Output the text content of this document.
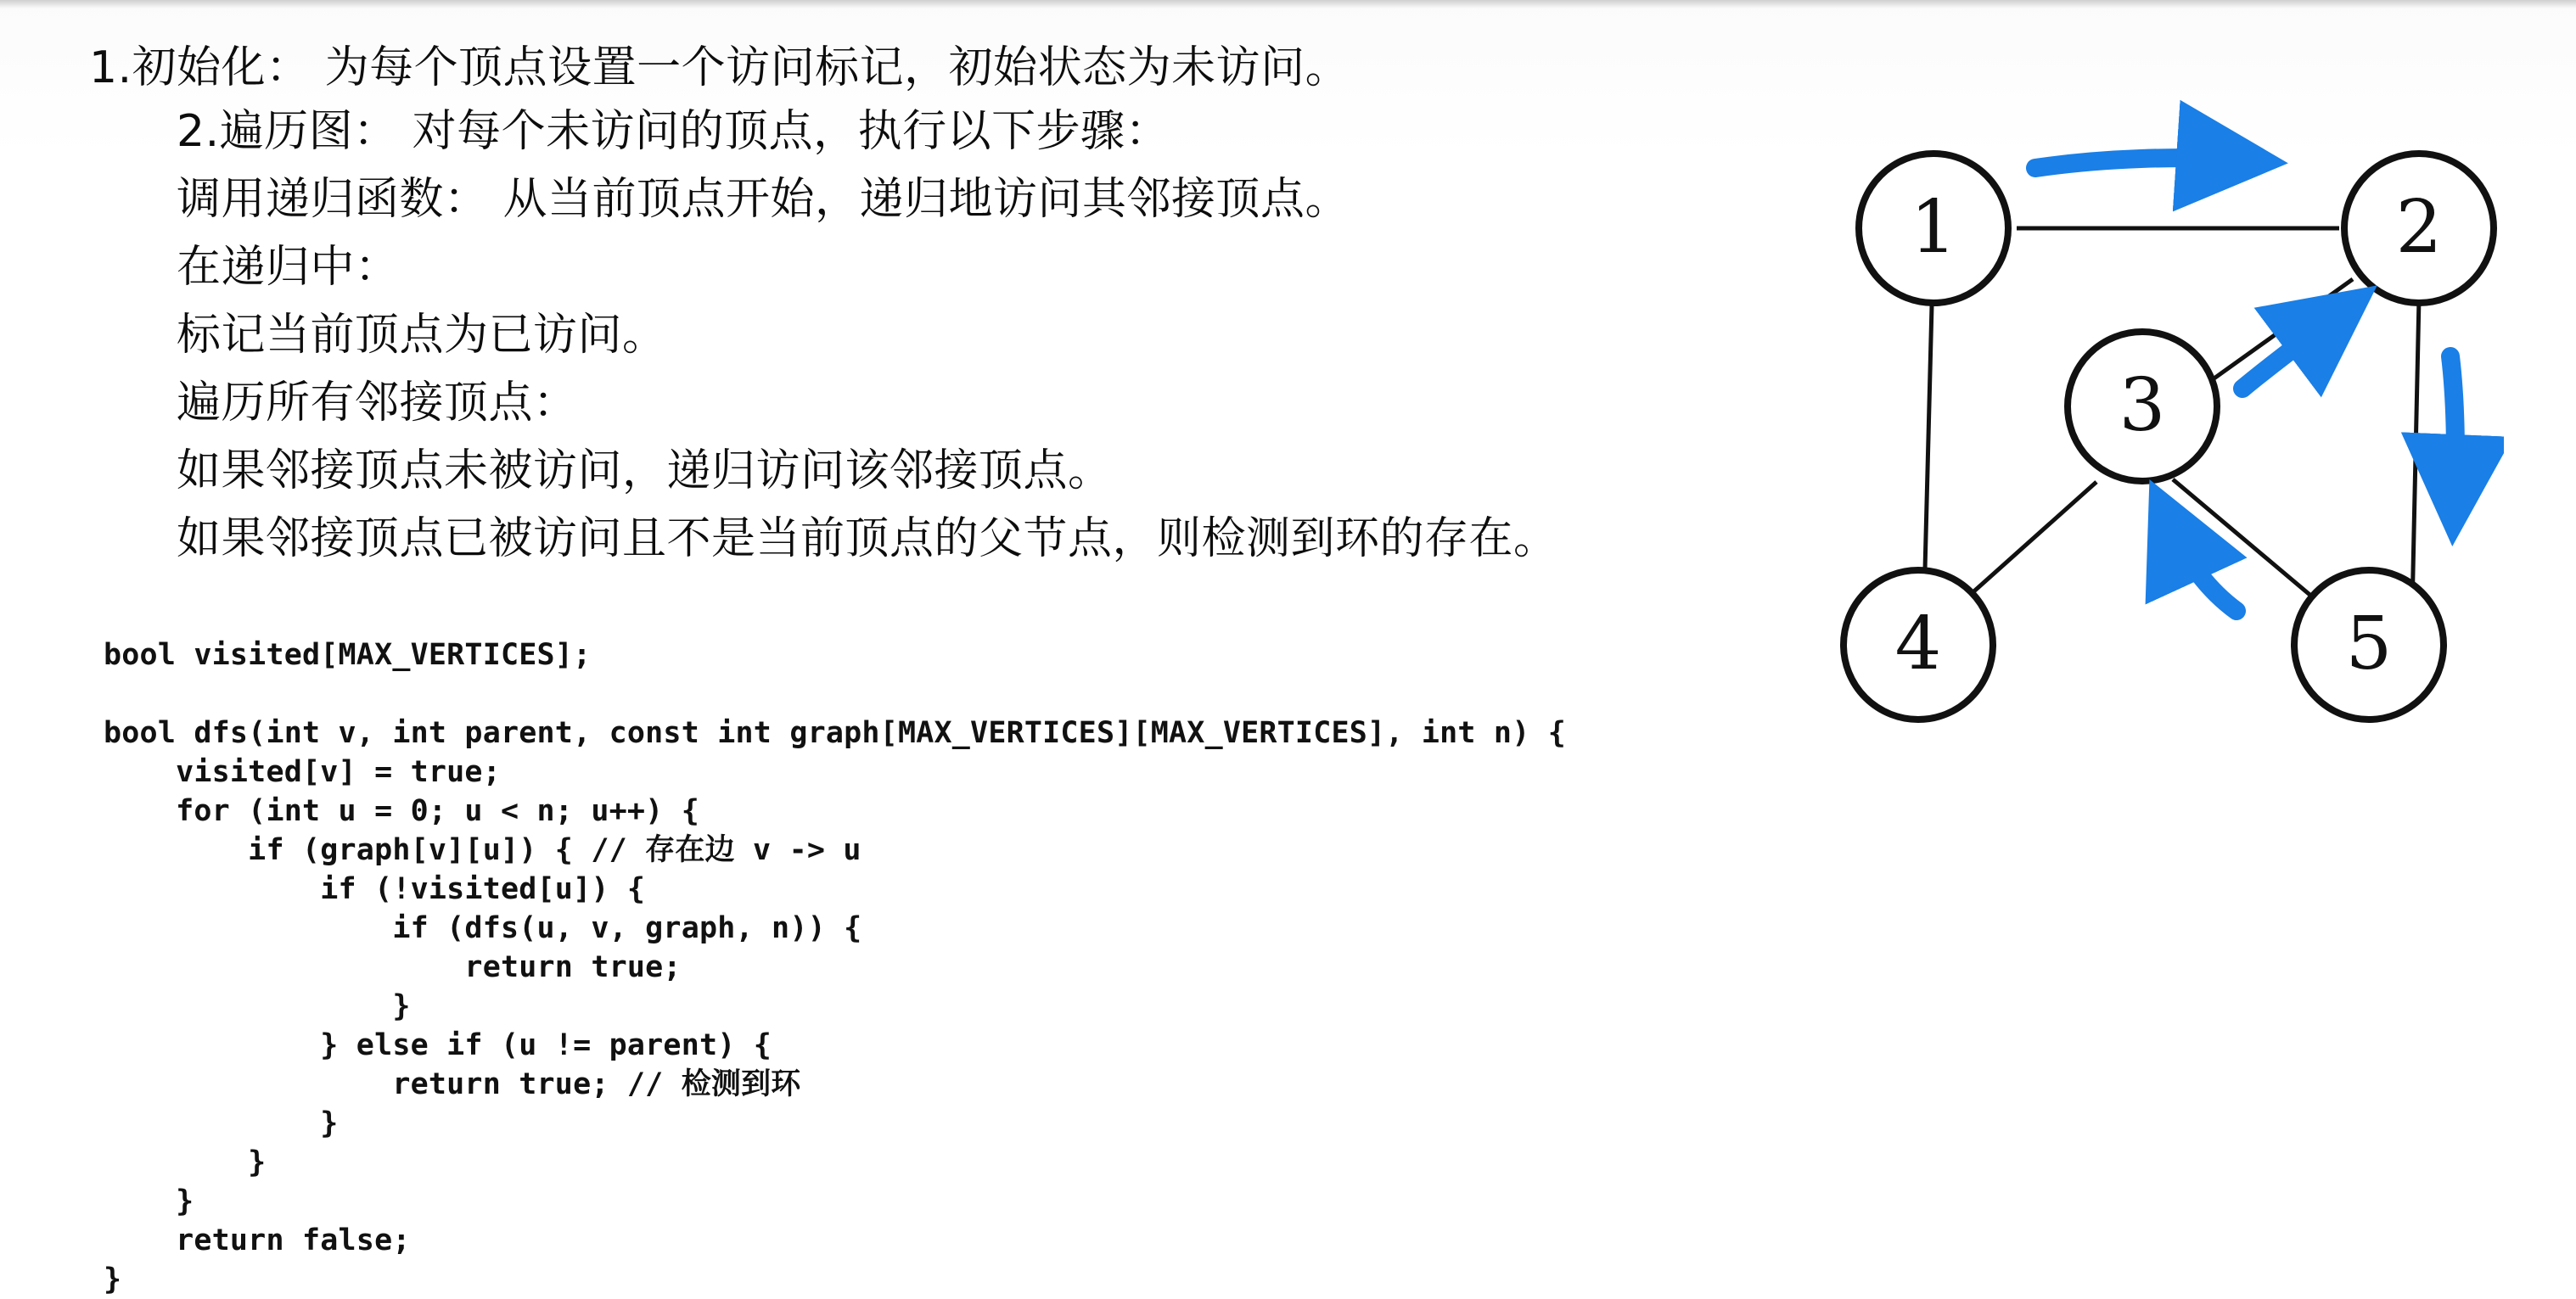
1.初始化： 为每个顶点设置一个访问标记，初始状态为未访问。
2.遍历图： 对每个未访问的顶点，执行以下步骤：
调用递归函数： 从当前顶点开始，递归地访问其邻接顶点。
在递归中：
标记当前顶点为已访问。
遍历所有邻接顶点：
如果邻接顶点未被访问，递归访问该邻接顶点。
如果邻接顶点已被访问且不是当前顶点的父节点，则检测到环的存在。
bool visited[MAX_VERTICES];
bool dfs(int v, int parent, const int graph[MAX_VERTICES][MAX_VERTICES], int n) {
visited[v] = true;
for (int u = 0; u < n; u++) {
if (graph[v][u]) { // 存在边 v -> u
if (!visited[u]) {
if (dfs(u, v, graph, n)) {
return true;
}
} else if (u != parent) {
return true; // 检测到环
}
}
}
return false;
}
1	2
3
4	5
